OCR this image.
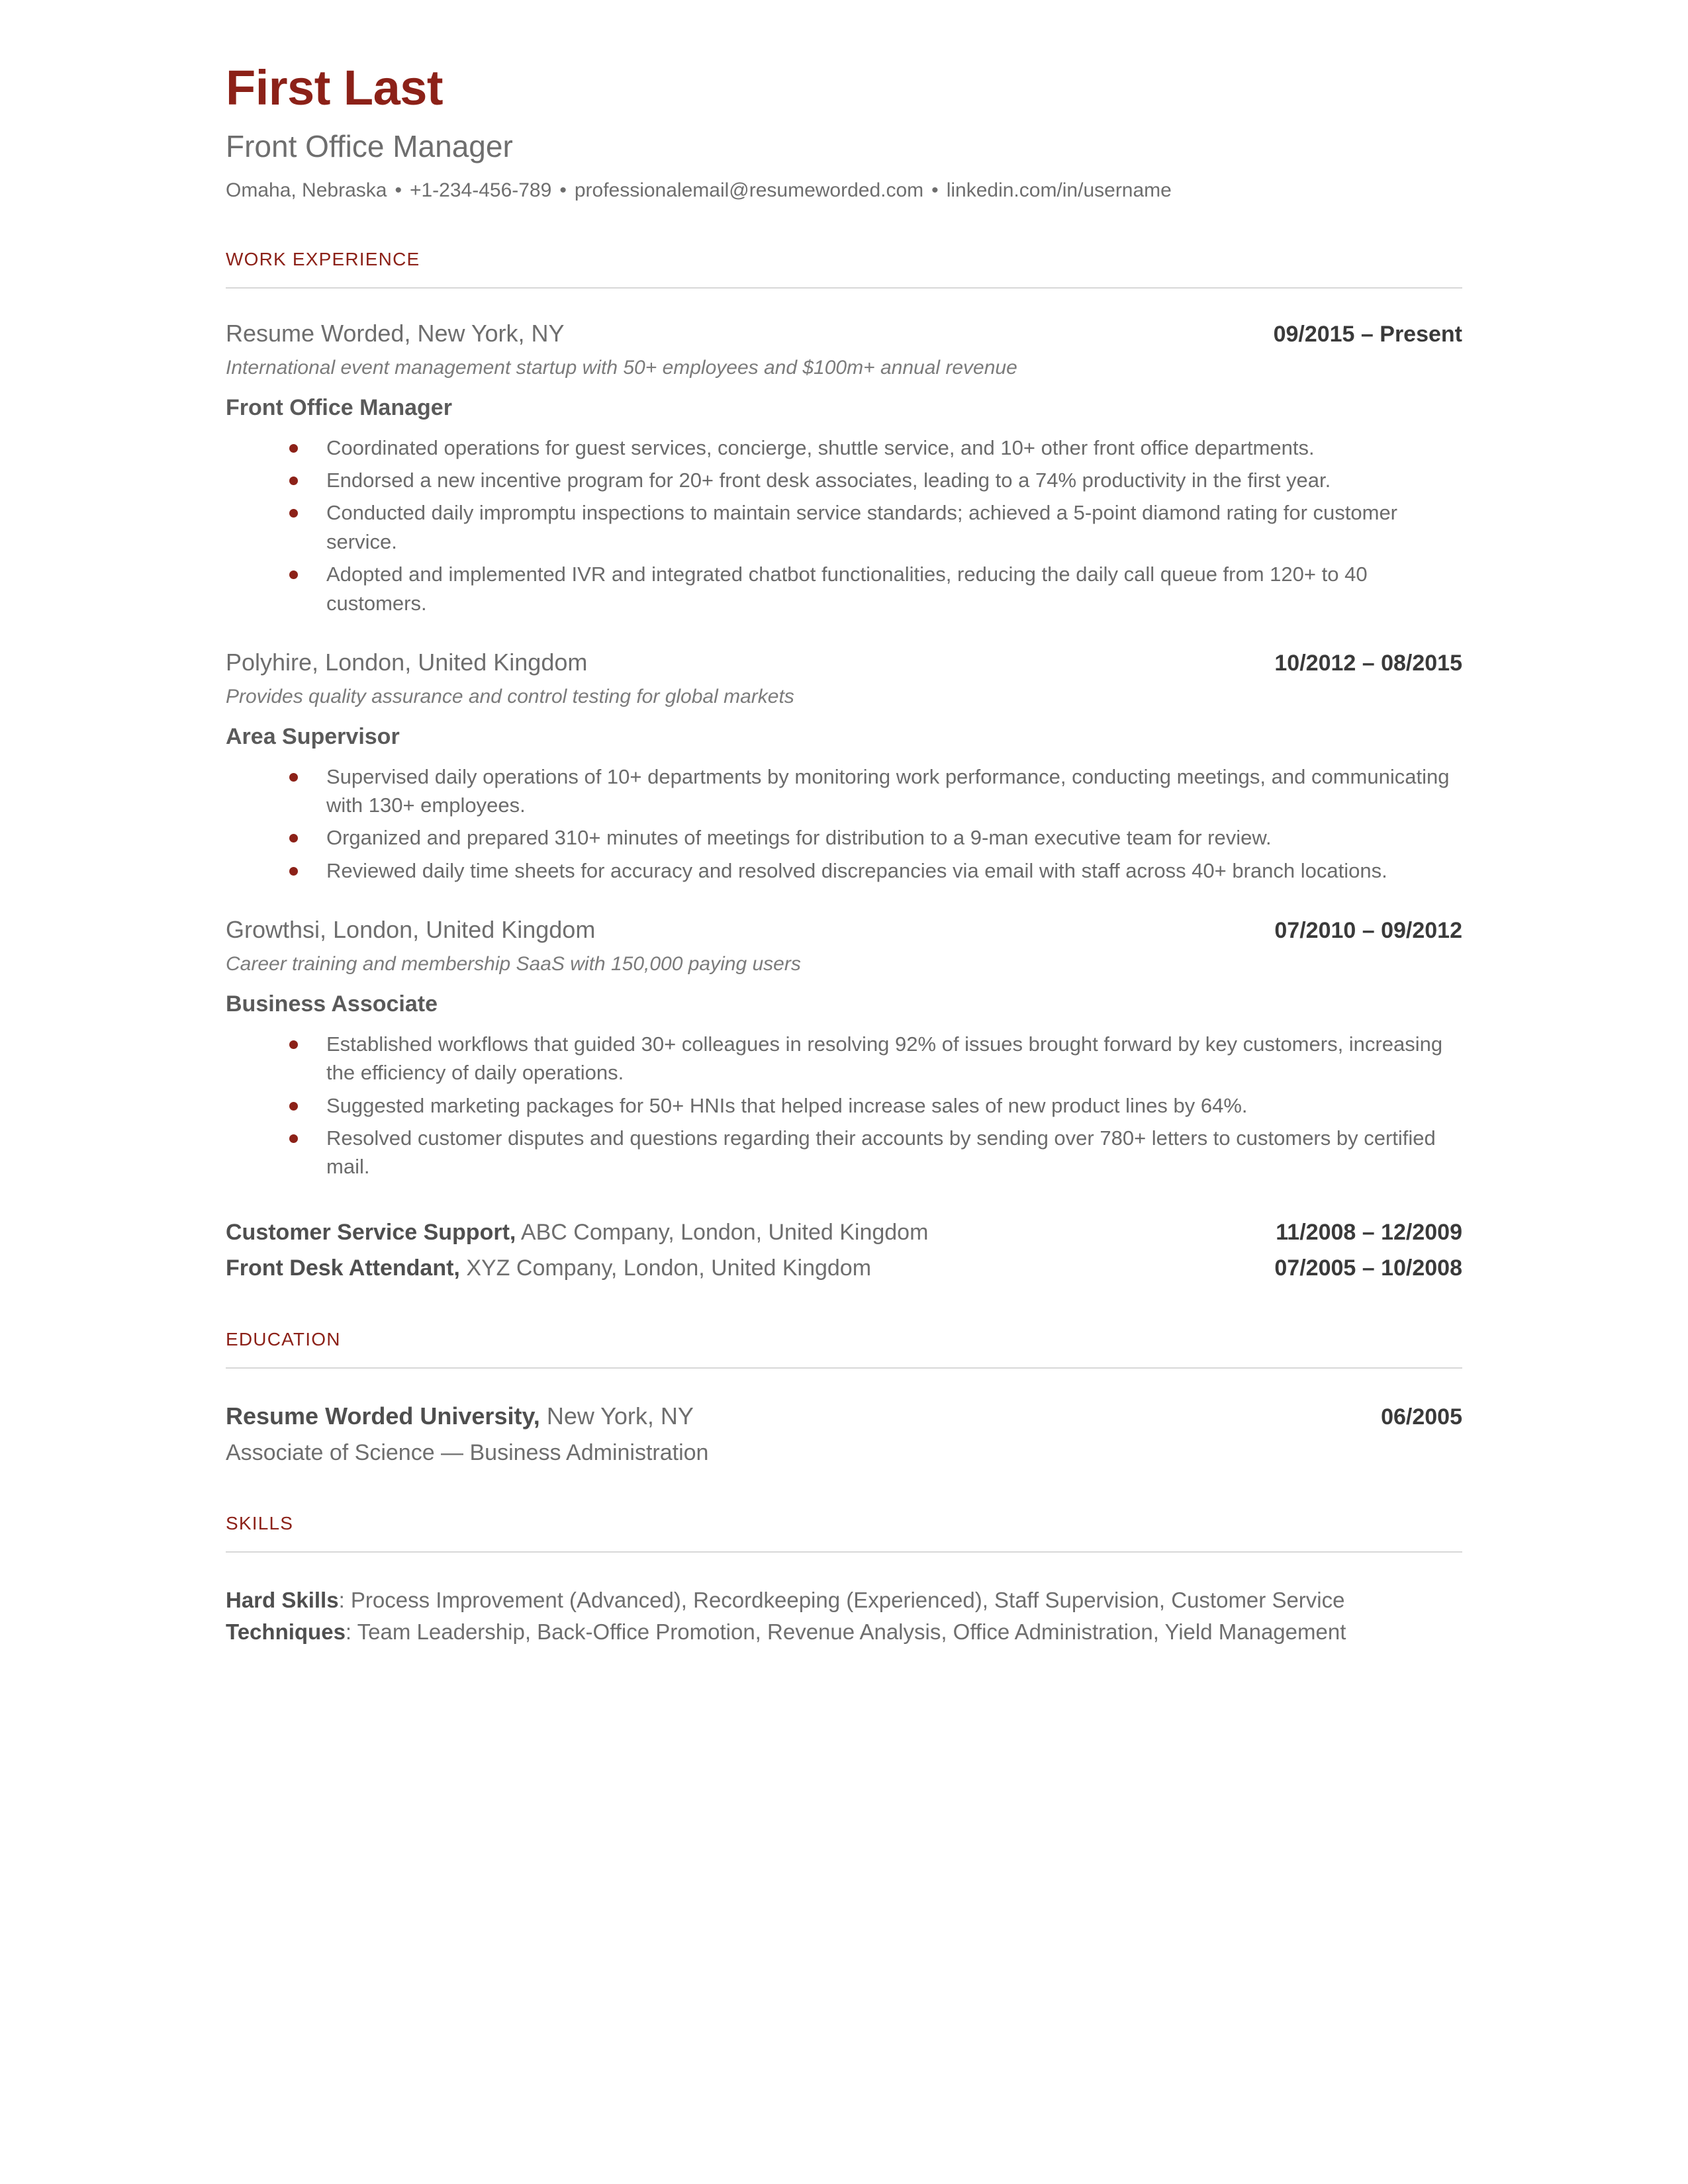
First Last
Front Office Manager
Omaha, Nebraska • +1-234-456-789 • professionalemail@resumeworded.com • linkedin.com/in/username
WORK EXPERIENCE
Resume Worded, New York, NY	09/2015 – Present
International event management startup with 50+ employees and $100m+ annual revenue
Front Office Manager
Coordinated operations for guest services, concierge, shuttle service, and 10+ other front office departments.
Endorsed a new incentive program for 20+ front desk associates, leading to a 74% productivity in the first year.
Conducted daily impromptu inspections to maintain service standards; achieved a 5-point diamond rating for customer service.
Adopted and implemented IVR and integrated chatbot functionalities, reducing the daily call queue from 120+ to 40 customers.
Polyhire, London, United Kingdom	10/2012 – 08/2015
Provides quality assurance and control testing for global markets
Area Supervisor
Supervised daily operations of 10+ departments by monitoring work performance, conducting meetings, and communicating with 130+ employees.
Organized and prepared 310+ minutes of meetings for distribution to a 9-man executive team for review.
Reviewed daily time sheets for accuracy and resolved discrepancies via email with staff across 40+ branch locations.
Growthsi, London, United Kingdom	07/2010 – 09/2012
Career training and membership SaaS with 150,000 paying users
Business Associate
Established workflows that guided 30+ colleagues in resolving 92% of issues brought forward by key customers, increasing the efficiency of daily operations.
Suggested marketing packages for 50+ HNIs that helped increase sales of new product lines by 64%.
Resolved customer disputes and questions regarding their accounts by sending over 780+ letters to customers by certified mail.
Customer Service Support, ABC Company, London, United Kingdom	11/2008 – 12/2009
Front Desk Attendant, XYZ Company, London, United Kingdom	07/2005 – 10/2008
EDUCATION
Resume Worded University, New York, NY	06/2005
Associate of Science — Business Administration
SKILLS
Hard Skills: Process Improvement (Advanced), Recordkeeping (Experienced), Staff Supervision, Customer Service
Techniques: Team Leadership, Back-Office Promotion, Revenue Analysis, Office Administration, Yield Management
